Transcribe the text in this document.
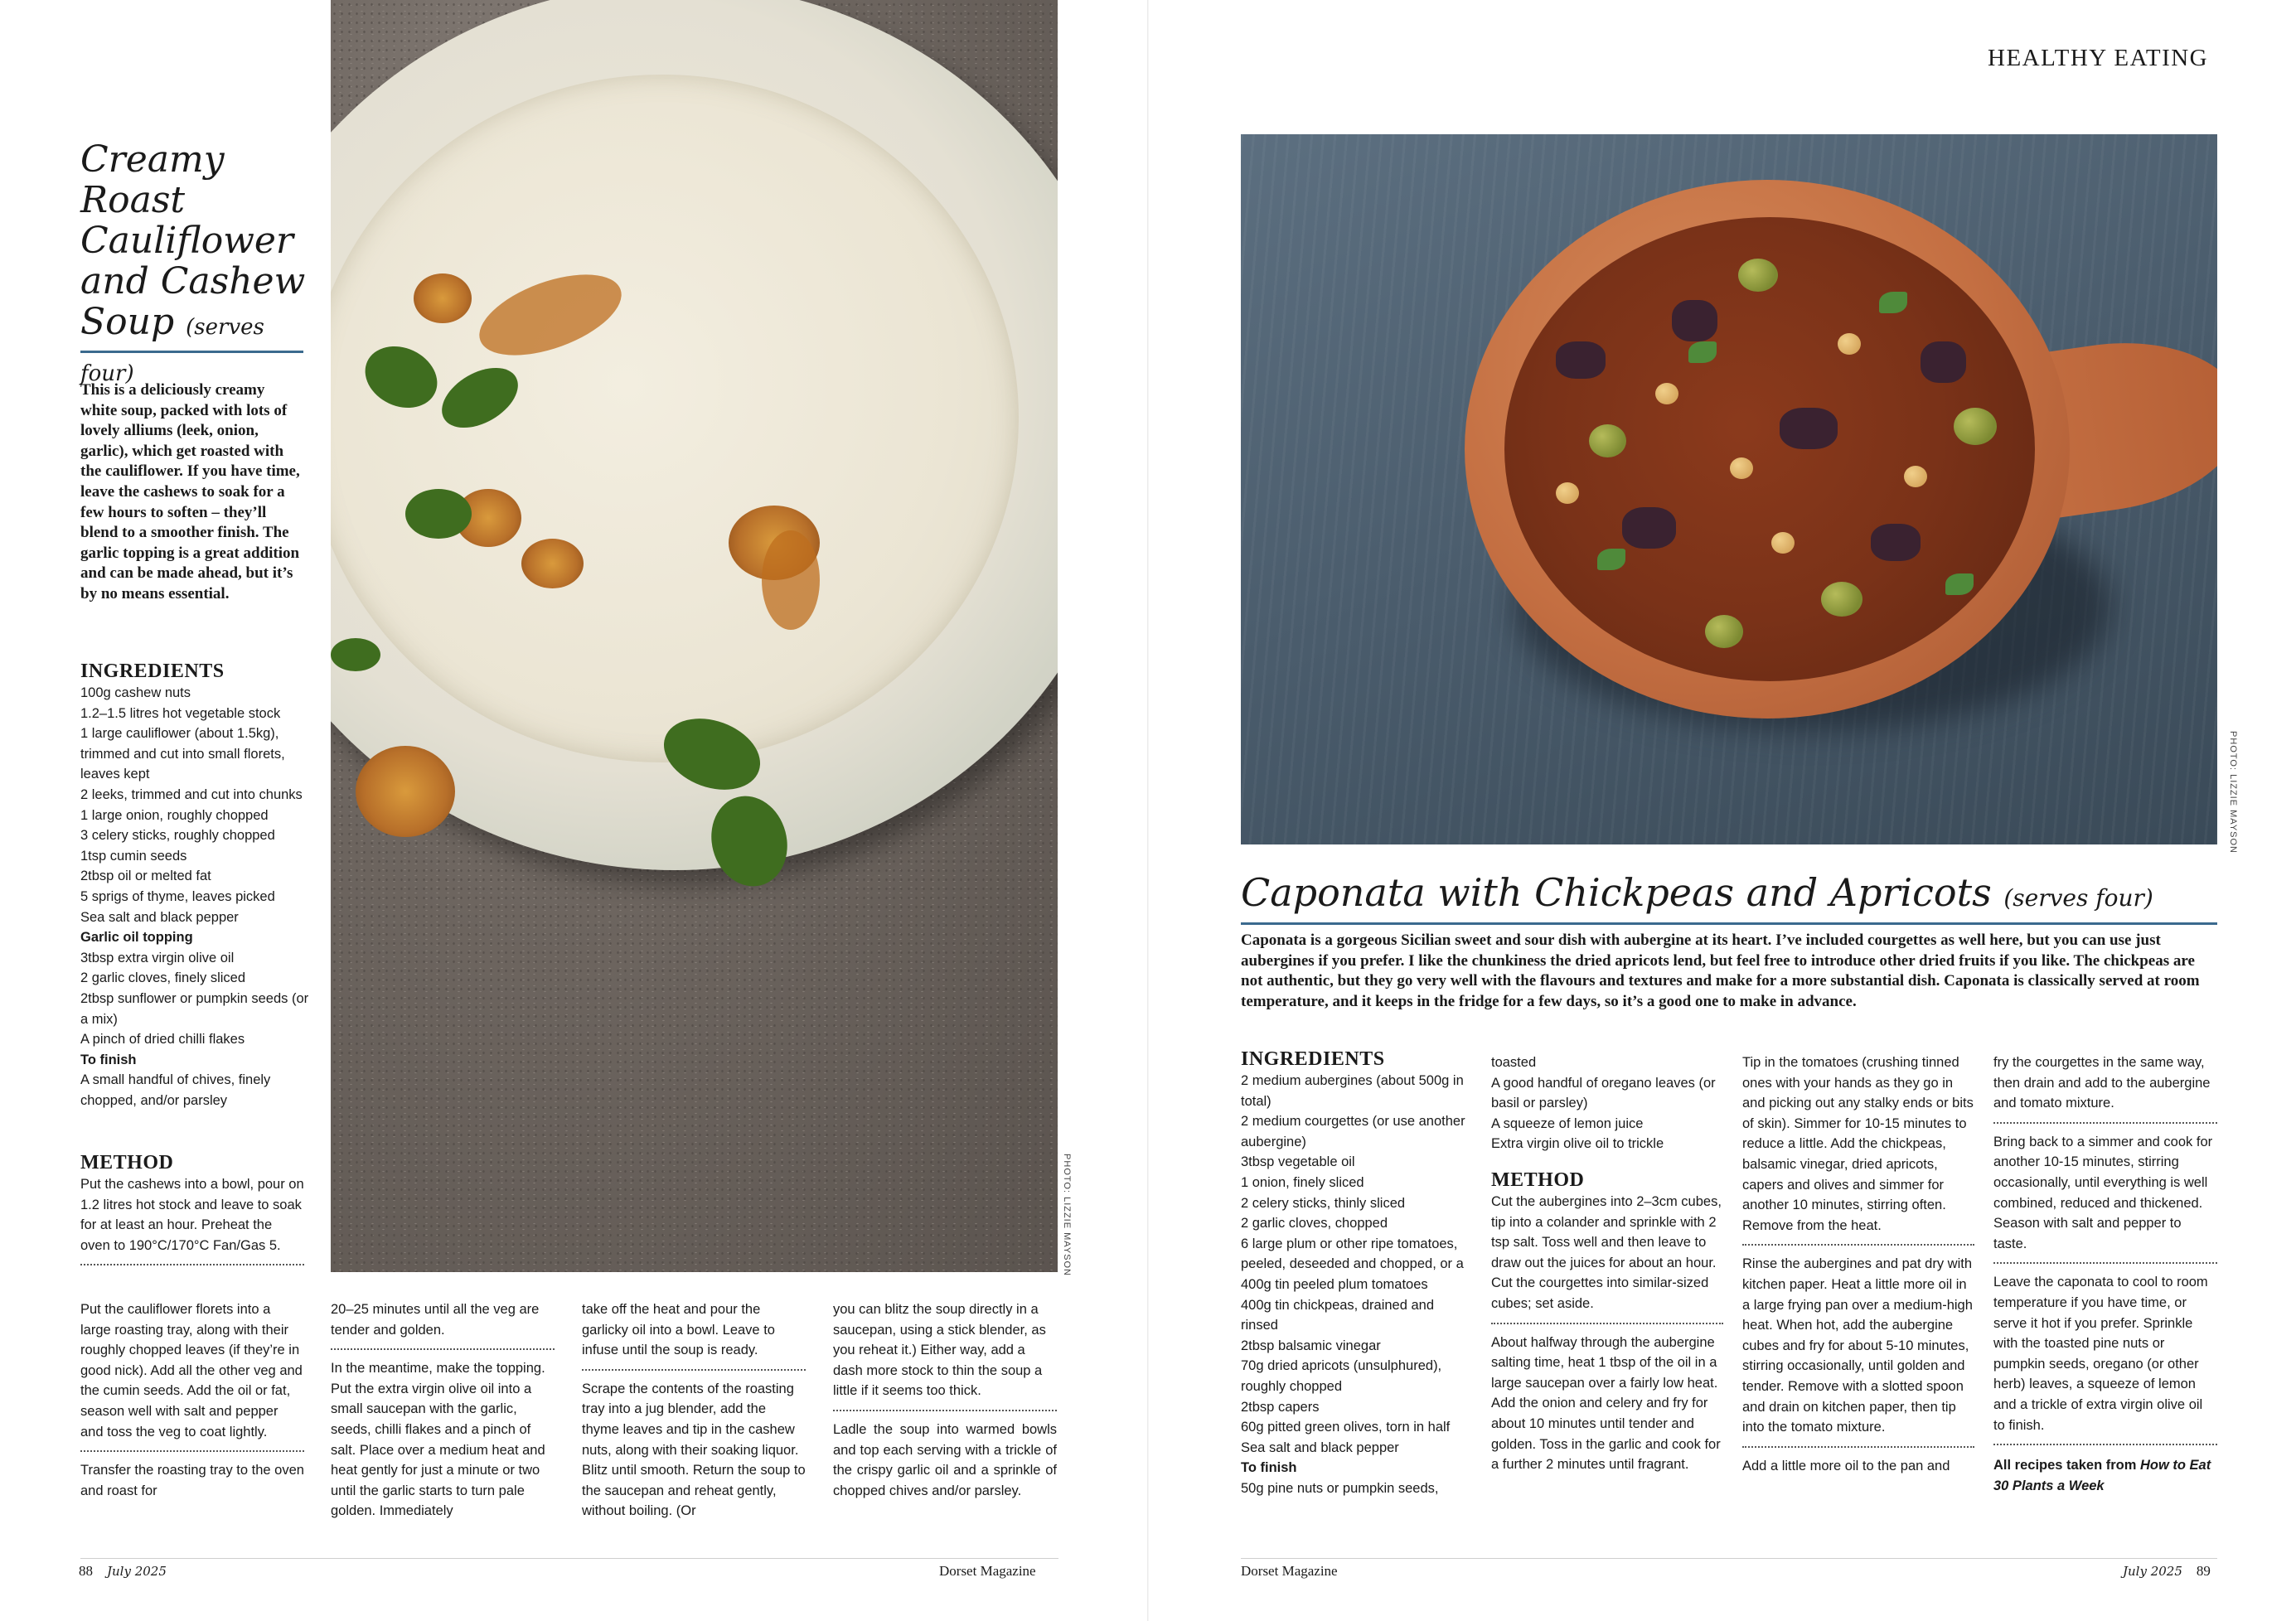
Creamy Roast Cauliflower and Cashew Soup (serves four)

This is a deliciously creamy white soup, packed with lots of lovely alliums (leek, onion, garlic), which get roasted with the cauliflower. If you have time, leave the cashews to soak for a few hours to soften – they’ll blend to a smoother finish. The garlic topping is a great addition and can be made ahead, but it’s by no means essential.

INGREDIENTS

100g cashew nuts

1.2–1.5 litres hot vegetable stock

1 large cauliflower (about 1.5kg), trimmed and cut into small florets, leaves kept

2 leeks, trimmed and cut into chunks

1 large onion, roughly chopped

3 celery sticks, roughly chopped

1tsp cumin seeds

2tbsp oil or melted fat

5 sprigs of thyme, leaves picked

Sea salt and black pepper

Garlic oil topping

3tbsp extra virgin olive oil

2 garlic cloves, finely sliced

2tbsp sunflower or pumpkin seeds (or a mix)

A pinch of dried chilli flakes

To finish

A small handful of chives, finely chopped, and/or parsley

METHOD

Put the cashews into a bowl, pour on 1.2 litres hot stock and leave to soak for at least an hour. Preheat the oven to 190°C/170°C Fan/Gas 5.

Put the cauliflower florets into a large roasting tray, along with their roughly chopped leaves (if they’re in good nick). Add all the other veg and the cumin seeds. Add the oil or fat, season well with salt and pepper and toss the veg to coat lightly.

Transfer the roasting tray to the oven and roast for

20–25 minutes until all the veg are tender and golden.

In the meantime, make the topping. Put the extra virgin olive oil into a small saucepan with the garlic, seeds, chilli flakes and a pinch of salt. Place over a medium heat and heat gently for just a minute or two until the garlic starts to turn pale golden. Immediately

take off the heat and pour the garlicky oil into a bowl. Leave to infuse until the soup is ready.

Scrape the contents of the roasting tray into a jug blender, add the thyme leaves and tip in the cashew nuts, along with their soaking liquor. Blitz until smooth. Return the soup to the saucepan and reheat gently, without boiling. (Or

you can blitz the soup directly in a saucepan, using a stick blender, as you reheat it.) Either way, add a dash more stock to thin the soup a little if it seems too thick.

Ladle the soup into warmed bowls and top each serving with a trickle of the crispy garlic oil and a sprinkle of chopped chives and/or parsley.

PHOTO: LIZZIE MAYSON
HEALTHY EATING
PHOTO: LIZZIE MAYSON
Caponata with Chickpeas and Apricots (serves four)

Caponata is a gorgeous Sicilian sweet and sour dish with aubergine at its heart. I’ve included courgettes as well here, but you can use just aubergines if you prefer. I like the chunkiness the dried apricots lend, but feel free to introduce other dried fruits if you like. The chickpeas are not authentic, but they go very well with the flavours and textures and make for a more substantial dish. Caponata is classically served at room temperature, and it keeps in the fridge for a few days, so it’s a good one to make in advance.

INGREDIENTS

2 medium aubergines (about 500g in total)

2 medium courgettes (or use another aubergine)

3tbsp vegetable oil

1 onion, finely sliced

2 celery sticks, thinly sliced

2 garlic cloves, chopped

6 large plum or other ripe tomatoes, peeled, deseeded and chopped, or a 400g tin peeled plum tomatoes

400g tin chickpeas, drained and rinsed

2tbsp balsamic vinegar

70g dried apricots (unsulphured), roughly chopped

2tbsp capers

60g pitted green olives, torn in half

Sea salt and black pepper

To finish

50g pine nuts or pumpkin seeds,

toasted

A good handful of oregano leaves (or basil or parsley)

A squeeze of lemon juice

Extra virgin olive oil to trickle

METHOD

Cut the aubergines into 2–3cm cubes, tip into a colander and sprinkle with 2 tsp salt. Toss well and then leave to draw out the juices for about an hour. Cut the courgettes into similar-sized cubes; set aside.

About halfway through the aubergine salting time, heat 1 tbsp of the oil in a large saucepan over a fairly low heat. Add the onion and celery and fry for about 10 minutes until tender and golden. Toss in the garlic and cook for a further 2 minutes until fragrant.

Tip in the tomatoes (crushing tinned ones with your hands as they go in and picking out any stalky ends or bits of skin). Simmer for 10-15 minutes to reduce a little. Add the chickpeas, balsamic vinegar, dried apricots, capers and olives and simmer for another 10 minutes, stirring often. Remove from the heat.

Rinse the aubergines and pat dry with kitchen paper. Heat a little more oil in a large frying pan over a medium-high heat. When hot, add the aubergine cubes and fry for about 5-10 minutes, stirring occasionally, until golden and tender. Remove with a slotted spoon and drain on kitchen paper, then tip into the tomato mixture.

Add a little more oil to the pan and

fry the courgettes in the same way, then drain and add to the aubergine and tomato mixture.

Bring back to a simmer and cook for another 10-15 minutes, stirring occasionally, until everything is well combined, reduced and thickened. Season with salt and pepper to taste.

Leave the caponata to cool to room temperature if you have time, or serve it hot if you prefer. Sprinkle with the toasted pine nuts or pumpkin seeds, oregano (or other herb) leaves, a squeeze of lemon and a trickle of extra virgin olive oil to finish.

All recipes taken from How to Eat 30 Plants a Week

88 July 2025	Dorset Magazine	Dorset Magazine	July 2025 89
